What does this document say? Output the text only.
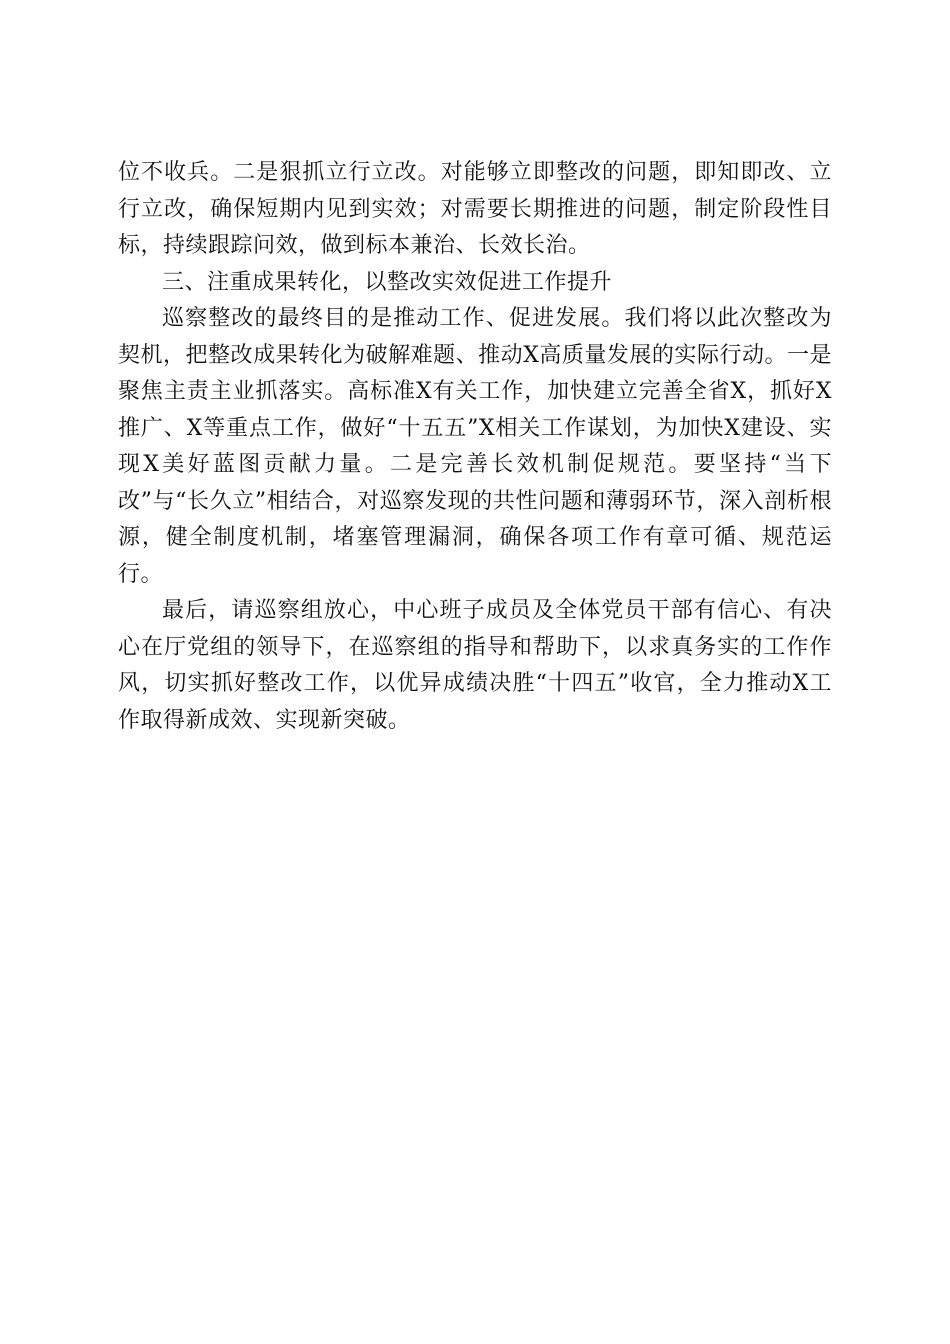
位不收兵。二是狠抓立行立改。对能够立即整改的问题，即知即改、立行立改，确保短期内见到实效；对需要长期推进的问题，制定阶段性目标，持续跟踪问效，做到标本兼治、长效长治。

三、注重成果转化，以整改实效促进工作提升

巡察整改的最终目的是推动工作、促进发展。我们将以此次整改为契机，把整改成果转化为破解难题、推动X高质量发展的实际行动。一是聚焦主责主业抓落实。高标准X有关工作，加快建立完善全省X，抓好X推广、X等重点工作，做好“十五五”X相关工作谋划，为加快X建设、实现X美好蓝图贡献力量。二是完善长效机制促规范。要坚持“当下改”与“长久立”相结合，对巡察发现的共性问题和薄弱环节，深入剖析根源，健全制度机制，堵塞管理漏洞，确保各项工作有章可循、规范运行。

最后，请巡察组放心，中心班子成员及全体党员干部有信心、有决心在厅党组的领导下，在巡察组的指导和帮助下，以求真务实的工作作风，切实抓好整改工作，以优异成绩决胜“十四五”收官，全力推动X工作取得新成效、实现新突破。
